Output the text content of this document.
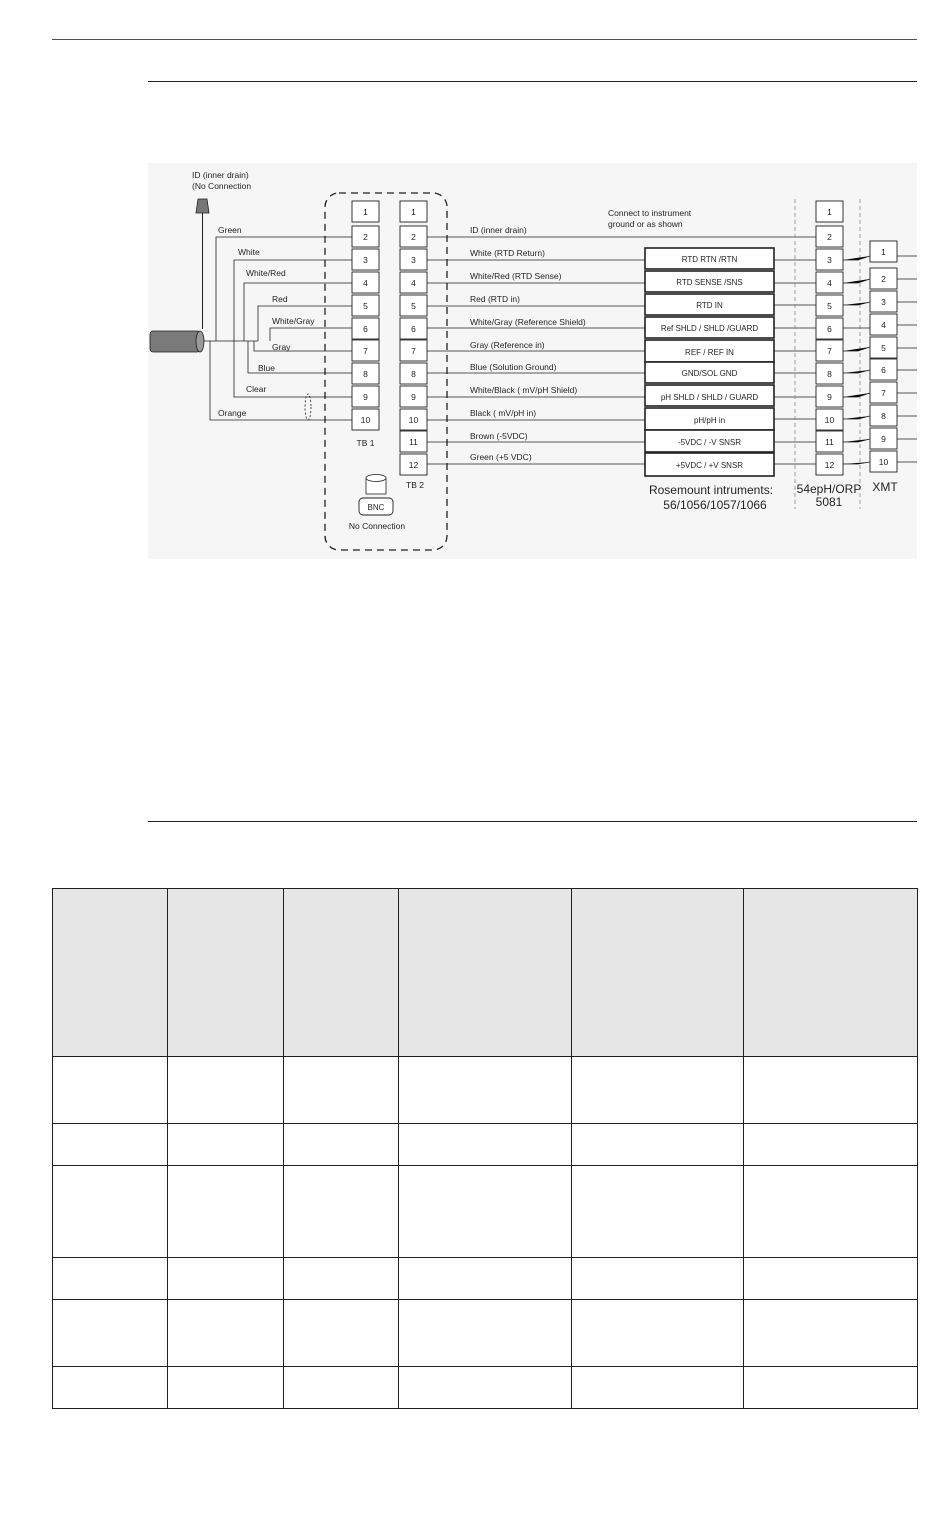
ID (inner drain)
(No Connection
Green
White
White/Red
Red
White/Gray
Gray
Blue
Clear
Orange
1
2
3
4
5
6
7
8
9
10
TB 1
1
2
3
4
5
6
7
8
9
10
11
12
TB 2
BNC
No Connection
Connect to instrument
ground or as shown
ID (inner drain)
White (RTD Return)
White/Red (RTD Sense)
Red (RTD in)
White/Gray (Reference Shield)
Gray (Reference in)
Blue (Solution Ground)
White/Black ( mV/pH Shield)
Black ( mV/pH in)
Brown (-5VDC)
Green (+5 VDC)
RTD RTN /RTN
RTD SENSE /SNS
RTD IN
Ref SHLD / SHLD /GUARD
REF / REF IN
GND/SOL GND
pH SHLD / SHLD / GUARD
pH/pH in
-5VDC / -V SNSR
+5VDC / +V SNSR
Rosemount intruments:
56/1056/1057/1066
1
2
3
4
5
6
7
8
9
10
11
12
54epH/ORP
5081
1
2
3
4
5
6
7
8
9
10
XMT
